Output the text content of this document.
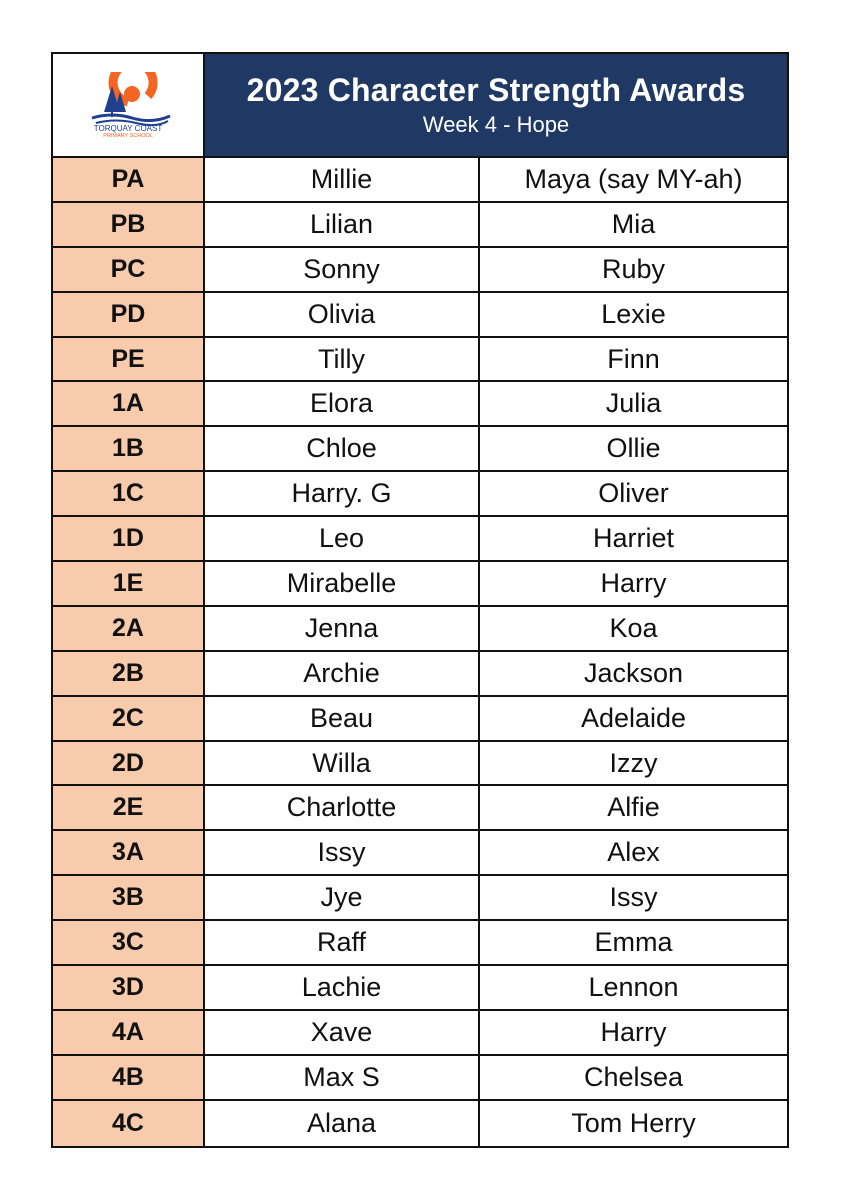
TORQUAY COAST
PRIMARY SCHOOL
2023 Character Strength Awards
Week 4 - Hope
PA	Millie	Maya (say MY-ah)
PB	Lilian	Mia
PC	Sonny	Ruby
PD	Olivia	Lexie
PE	Tilly	Finn
1A	Elora	Julia
1B	Chloe	Ollie
1C	Harry. G	Oliver
1D	Leo	Harriet
1E	Mirabelle	Harry
2A	Jenna	Koa
2B	Archie	Jackson
2C	Beau	Adelaide
2D	Willa	Izzy
2E	Charlotte	Alfie
3A	Issy	Alex
3B	Jye	Issy
3C	Raff	Emma
3D	Lachie	Lennon
4A	Xave	Harry
4B	Max S	Chelsea
4C	Alana	Tom Herry
